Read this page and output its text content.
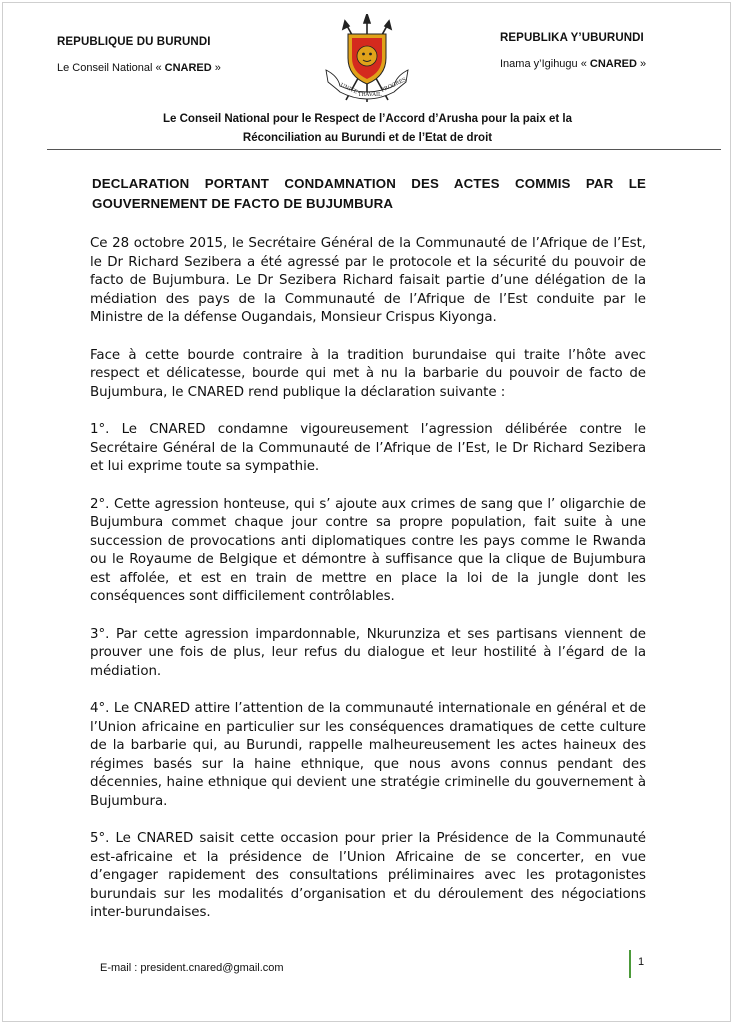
REPUBLIQUE DU BURUNDI
Le Conseil National « CNARED »
UNITE TRAVAIL
PROGRES
REPUBLIKA Y’UBURUNDI
Inama y’Igihugu « CNARED »
Le Conseil National pour le Respect de l’Accord d’Arusha pour la paix et la
Réconciliation au Burundi et de l’Etat de droit
DECLARATION PORTANT CONDAMNATION DES ACTES COMMIS PAR LE GOUVERNEMENT DE FACTO DE BUJUMBURA

Ce 28 octobre 2015, le Secrétaire Général de la Communauté de l’Afrique de l’Est, le Dr Richard Sezibera a été agressé par le protocole et la sécurité du pouvoir de facto de Bujumbura. Le Dr Sezibera Richard faisait partie d’une délégation de la médiation des pays de la Communauté de l’Afrique de l’Est conduite par le Ministre de la défense Ougandais, Monsieur Crispus Kiyonga.

Face à cette bourde contraire à la tradition burundaise qui traite l’hôte avec respect et délicatesse, bourde qui met à nu la barbarie du pouvoir de facto de Bujumbura, le CNARED rend publique la déclaration suivante :

1°. Le CNARED condamne vigoureusement l’agression délibérée contre le Secrétaire Général de la Communauté de l’Afrique de l’Est, le Dr Richard Sezibera et lui exprime toute sa sympathie.

2°. Cette agression honteuse, qui s’ ajoute aux crimes de sang que l’ oligarchie de Bujumbura commet chaque jour contre sa propre population, fait suite à une succession de provocations anti diplomatiques contre les pays comme le Rwanda ou le Royaume de Belgique et démontre à suffisance que la clique de Bujumbura est affolée, et est en train de mettre en place la loi de la jungle dont les conséquences sont difficilement contrôlables.

3°. Par cette agression impardonnable, Nkurunziza et ses partisans viennent de prouver une fois de plus, leur refus du dialogue et leur hostilité à l’égard de la médiation.

4°. Le CNARED attire l’attention de la communauté internationale en général et de l’Union africaine en particulier sur les conséquences dramatiques de cette culture de la barbarie qui, au Burundi, rappelle malheureusement les actes haineux des régimes basés sur la haine ethnique, que nous avons connus pendant des décennies, haine ethnique qui devient une stratégie criminelle du gouvernement à Bujumbura.

5°. Le CNARED saisit cette occasion pour prier la Présidence de la Communauté est-africaine et la présidence de l’Union Africaine de se concerter, en vue d’engager rapidement des consultations préliminaires avec les protagonistes burundais sur les modalités d’organisation et du déroulement des négociations inter-burundaises.

E-mail : president.cnared@gmail.com	1
